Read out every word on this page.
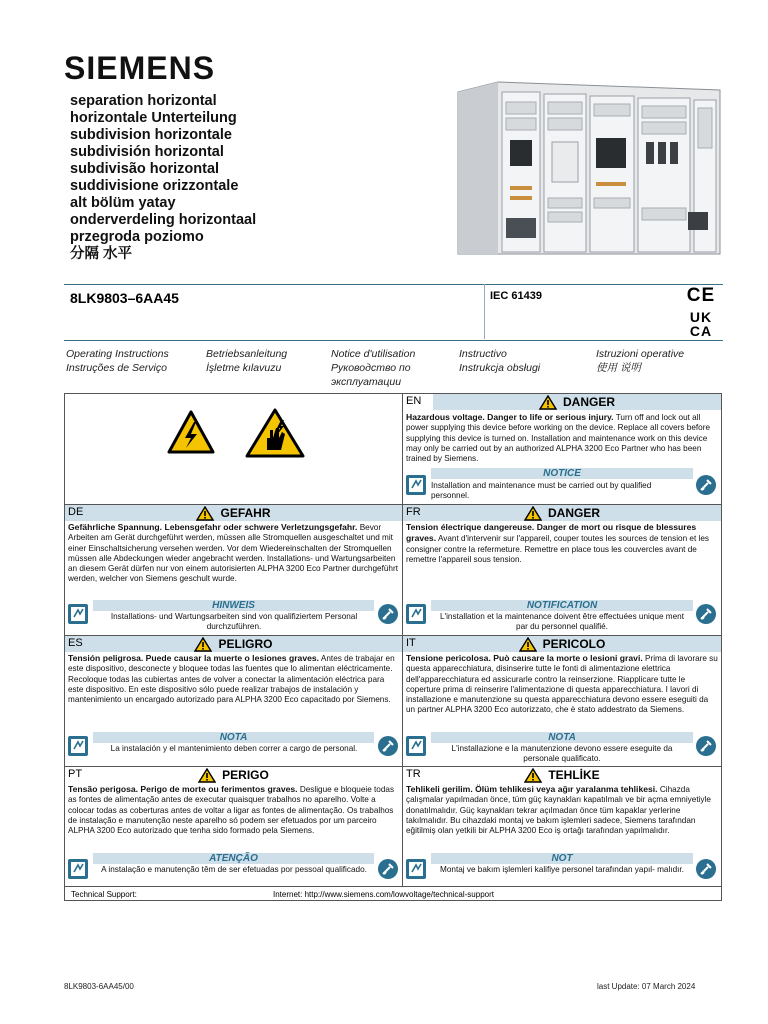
SIEMENS
separation horizontal
horizontale Unterteilung
subdivision horizontale
subdivisión horizontal
subdivisão horizontal
suddivisione orizzontale
alt bölüm yatay
onderverdeling horizontaal
przegroda poziomo
分隔 水平
8LK9803–6AA45	IEC 61439	CE
UK
CA
Operating Instructions
Instruções de Serviço
Betriebsanleitung
İşletme kılavuzu
Notice d'utilisation
Руководство по эксплуатации
Instructivo
Instrukcja obsługi
Istruzioni operative
使用 说明
EN	DANGER
Hazardous voltage. Danger to life or serious injury. Turn off and lock out all power supplying this device before working on the device. Replace all covers before supplying this device is turned on. Installation and maintenance work on this device may only be carried out by an authorized ALPHA 3200 Eco Partner who has been trained by Siemens.
NOTICE
Installation and maintenance must be carried out by qualified personnel.
DE	GEFAHR
Gefährliche Spannung. Lebensgefahr oder schwere Verletzungsgefahr. Bevor Arbeiten am Gerät durchgeführt werden, müssen alle Stromquellen ausgeschaltet und mit einer Einschaltsicherung versehen werden. Vor dem Wiedereinschalten der Stromquellen müssen alle Abdeckungen wieder angebracht werden. Installations- und Wartungsarbeiten an diesem Gerät dürfen nur von einem autorisierten ALPHA 3200 Eco Partner durchgeführt werden, welcher von Siemens geschult wurde.
HINWEIS
Installations- und Wartungsarbeiten sind von qualifiziertem Personal durchzuführen.
FR	DANGER
Tension électrique dangereuse. Danger de mort ou risque de blessures graves. Avant d'intervenir sur l'appareil, couper toutes les sources de tension et les consigner contre la refermeture. Remettre en place tous les couvercles avant de remettre l'appareil sous tension.
NOTIFICATION
L'installation et la maintenance doivent être effectuées unique ment par du personnel qualifié.
ES	PELIGRO
Tensión peligrosa. Puede causar la muerte o lesiones graves. Antes de trabajar en este dispositivo, desconecte y bloquee todas las fuentes que lo alimentan eléctricamente. Recoloque todas las cubiertas antes de volver a conectar la alimentación eléctrica para este dispositivo. En este dispositivo sólo puede realizar trabajos de instalación y mantenimiento un encargado autorizado para ALPHA 3200 Eco capacitado por Siemens.
NOTA
La instalación y el mantenimiento deben correr a cargo de personal.
IT	PERICOLO
Tensione pericolosa. Può causare la morte o lesioni gravi. Prima di lavorare su questa apparecchiatura, disinserire tutte le fonti di alimentazione elettrica dell'apparecchiatura ed assicurarle contro la reinserzione. Riapplicare tutte le coperture prima di reinserire l'alimentazione di questa apparecchiatura. I lavori di installazione e manutenzione su questa apparecchiatura devono essere eseguiti da un partner ALPHA 3200 Eco autorizzato, che è stato addestrato da Siemens.
NOTA
L'installazione e la manutenzione devono essere eseguite da personale qualificato.
PT	PERIGO
Tensão perigosa. Perigo de morte ou ferimentos graves. Desligue e bloqueie todas as fontes de alimentação antes de executar quaisquer trabalhos no aparelho. Volte a colocar todas as coberturas antes de voltar a ligar as fontes de alimentação. Os trabalhos de instalação e manutenção neste aparelho só podem ser efetuados por um parceiro ALPHA 3200 Eco autorizado que tenha sido formado pela Siemens.
ATENÇÃO
A instalação e manutenção têm de ser efetuadas por pessoal qualificado.
TR	TEHLİKE
Tehlikeli gerilim. Ölüm tehlikesi veya ağır yaralanma tehlikesi. Cihazda çalışmalar yapılmadan önce, tüm güç kaynakları kapatılmalı ve bir açma emniyetiyle donatılmalıdır. Güç kaynakları tekrar açılmadan önce tüm kapaklar yerlerine takılmalıdır. Bu cihazdaki montaj ve bakım işlemleri sadece, Siemens tarafından eğitilmiş olan yetkili bir ALPHA 3200 Eco iş ortağı tarafından yapılmalıdır.
NOT
Montaj ve bakım işlemleri kalifiye personel tarafından yapıl- malıdır.
Technical Support:	Internet: http://www.siemens.com/lowvoltage/technical-support
8LK9803-6AA45/00	last Update: 07 March 2024
